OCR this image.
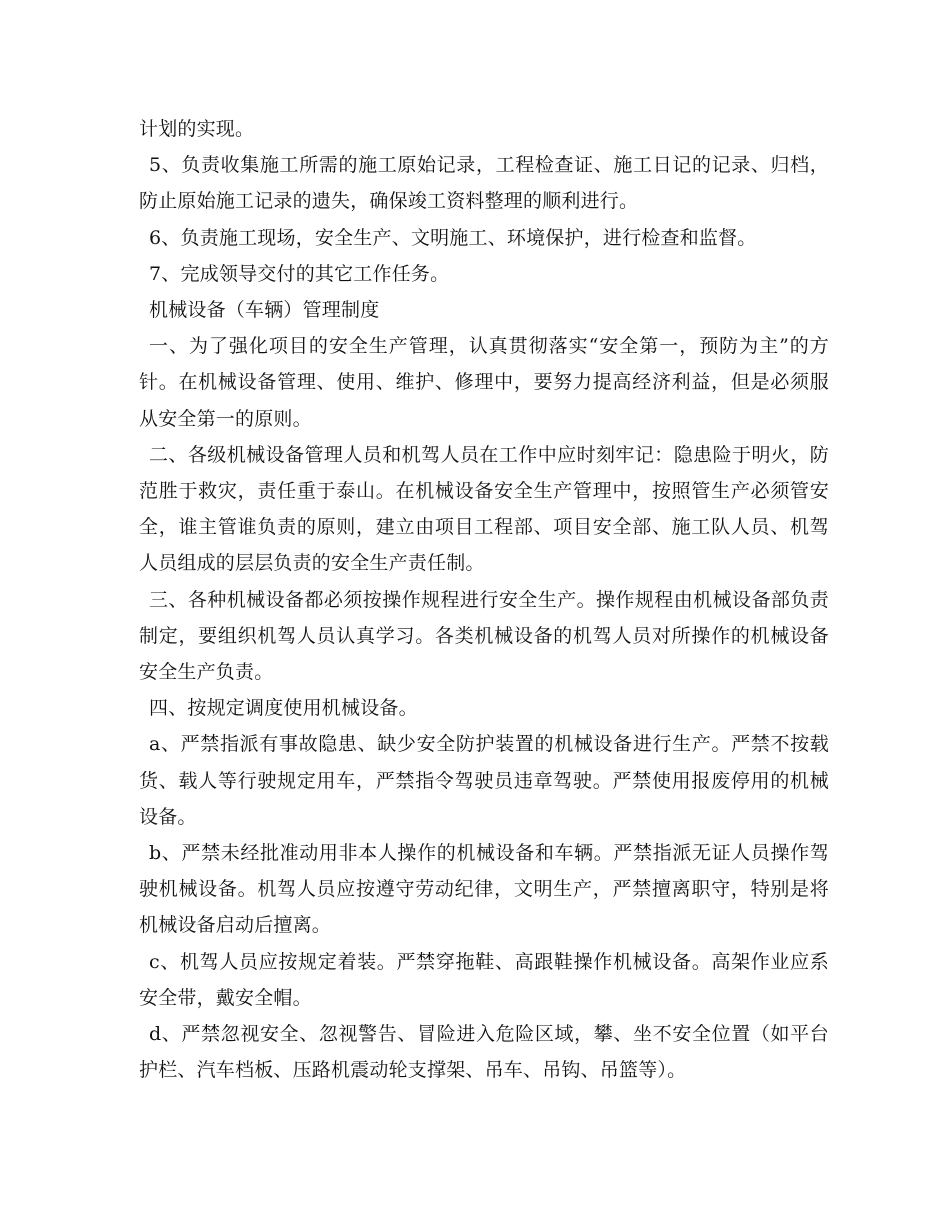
计划的实现。

5、负责收集施工所需的施工原始记录，工程检查证、施工日记的记录、归档，防止原始施工记录的遗失，确保竣工资料整理的顺利进行。

6、负责施工现场，安全生产、文明施工、环境保护，进行检查和监督。

7、完成领导交付的其它工作任务。

机械设备（车辆）管理制度

一、为了强化项目的安全生产管理，认真贯彻落实“安全第一，预防为主”的方针。在机械设备管理、使用、维护、修理中，要努力提高经济利益，但是必须服从安全第一的原则。

二、各级机械设备管理人员和机驾人员在工作中应时刻牢记：隐患险于明火，防范胜于救灾，责任重于泰山。在机械设备安全生产管理中，按照管生产必须管安全，谁主管谁负责的原则，建立由项目工程部、项目安全部、施工队人员、机驾人员组成的层层负责的安全生产责任制。

三、各种机械设备都必须按操作规程进行安全生产。操作规程由机械设备部负责制定，要组织机驾人员认真学习。各类机械设备的机驾人员对所操作的机械设备安全生产负责。

四、按规定调度使用机械设备。

a、严禁指派有事故隐患、缺少安全防护装置的机械设备进行生产。严禁不按载货、载人等行驶规定用车，严禁指令驾驶员违章驾驶。严禁使用报废停用的机械设备。

b、严禁未经批准动用非本人操作的机械设备和车辆。严禁指派无证人员操作驾驶机械设备。机驾人员应按遵守劳动纪律，文明生产，严禁擅离职守，特别是将机械设备启动后擅离。

c、机驾人员应按规定着装。严禁穿拖鞋、高跟鞋操作机械设备。高架作业应系安全带，戴安全帽。

d、严禁忽视安全、忽视警告、冒险进入危险区域，攀、坐不安全位置（如平台护栏、汽车档板、压路机震动轮支撑架、吊车、吊钩、吊篮等）。
